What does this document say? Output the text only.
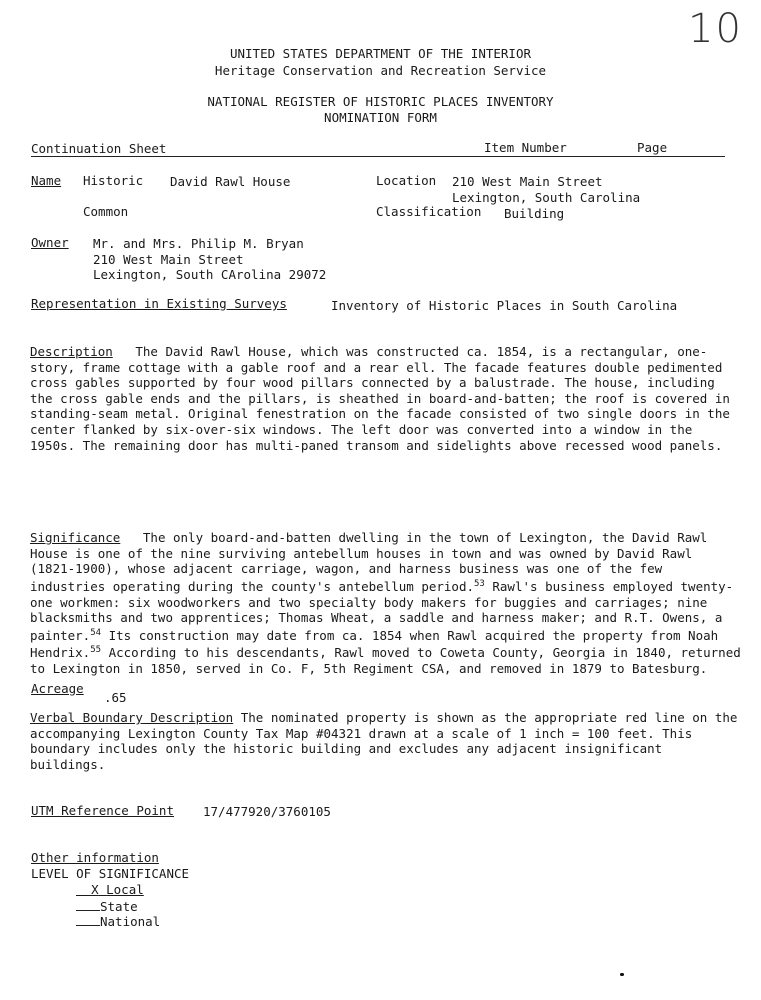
10
UNITED STATES DEPARTMENT OF THE INTERIOR
Heritage Conservation and Recreation Service
NATIONAL REGISTER OF HISTORIC PLACES INVENTORY
NOMINATION FORM
Continuation Sheet	Item Number	Page
Name Historic David Rawl House
Common
Location 210 West Main Street
Lexington, South Carolina
Classification Building
Owner Mr. and Mrs. Philip M. Bryan
210 West Main Street
Lexington, South CArolina 29072
Representation in Existing Surveys	Inventory of Historic Places in South Carolina
Description The David Rawl House, which was constructed ca. 1854, is a rectangular, one-story, frame cottage with a gable roof and a rear ell. The facade features double pedimented cross gables supported by four wood pillars connected by a balustrade. The house, including the cross gable ends and the pillars, is sheathed in board-and-batten; the roof is covered in standing-seam metal. Original fenestration on the facade consisted of two single doors in the center flanked by six-over-six windows. The left door was converted into a window in the 1950s. The remaining door has multi-paned transom and sidelights above recessed wood panels.
Significance The only board-and-batten dwelling in the town of Lexington, the David Rawl House is one of the nine surviving antebellum houses in town and was owned by David Rawl (1821-1900), whose adjacent carriage, wagon, and harness business was one of the few industries operating during the county's antebellum period.$^{53}$ Rawl's business employed twenty-one workmen: six woodworkers and two specialty body makers for buggies and carriages; nine blacksmiths and two apprentices; Thomas Wheat, a saddle and harness maker; and R.T. Owens, a painter.$^{54}$ Its construction may date from ca. 1854 when Rawl acquired the property from Noah Hendrix.$^{55}$ According to his descendants, Rawl moved to Coweta County, Georgia in 1840, returned to Lexington in 1850, served in Co. F, 5th Regiment CSA, and removed in 1879 to Batesburg.
Acreage
.65
Verbal Boundary Description The nominated property is shown as the appropriate red line on the accompanying Lexington County Tax Map #04321 drawn at a scale of 1 inch = 100 feet. This boundary includes only the historic building and excludes any adjacent insignificant buildings.
UTM Reference Point 17/477920/3760105
Other information
LEVEL OF SIGNIFICANCE
X Local
State
National
